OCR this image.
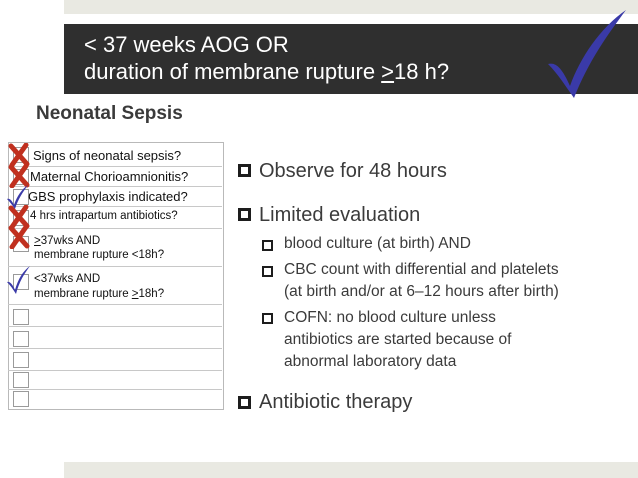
< 37 weeks AOG OR
duration of membrane rupture >18 h?
Neonatal Sepsis
Signs of neonatal sepsis?
Maternal Chorioamnionitis?
GBS prophylaxis indicated?
4 hrs intrapartum antibiotics?
≥37wks AND
membrane rupture <18h?
<37wks AND
membrane rupture ≥18h?
Observe for 48 hours
Limited evaluation
blood culture (at birth) AND
CBC count with differential and platelets
(at birth and/or at 6–12 hours after birth)
COFN: no blood culture unless
antibiotics are started because of
abnormal laboratory data
Antibiotic therapy
